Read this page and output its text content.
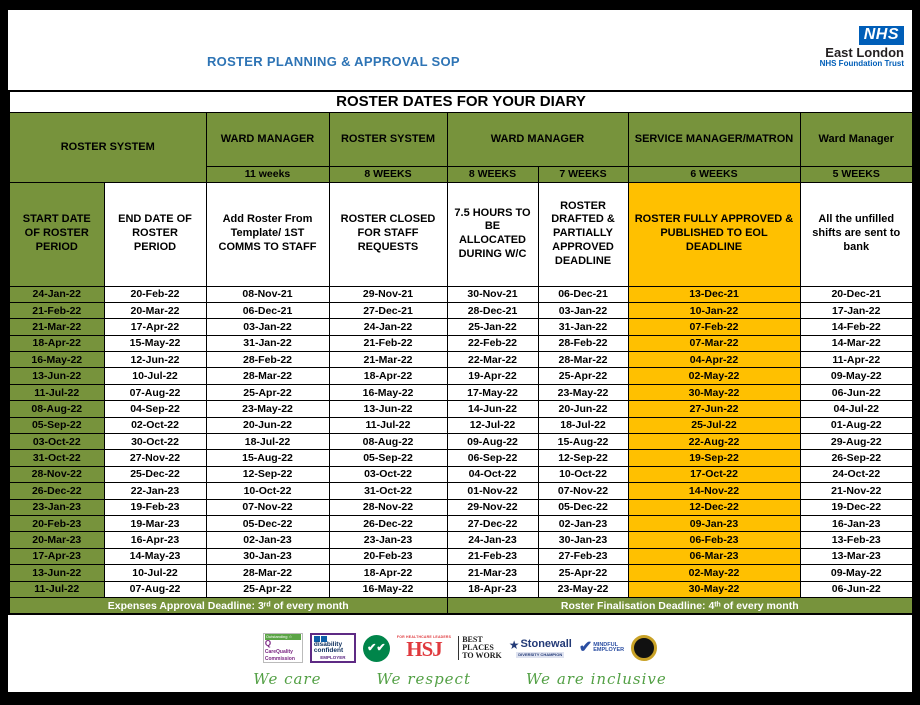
ROSTER PLANNING & APPROVAL SOP
NHS
East London
NHS Foundation Trust
ROSTER DATES FOR YOUR DIARY							
ROSTER SYSTEM		WARD MANAGER	ROSTER SYSTEM	WARD MANAGER		SERVICE MANAGER/MATRON	Ward Manager
		11 weeks	8 WEEKS	8 WEEKS	7 WEEKS	6 WEEKS	5 WEEKS
START DATE OF ROSTER PERIOD	END DATE OF ROSTER PERIOD	Add Roster From Template/ 1ST COMMS TO STAFF	ROSTER CLOSED FOR STAFF REQUESTS	7.5 HOURS TO BE ALLOCATED DURING W/C	ROSTER DRAFTED & PARTIALLY APPROVED DEADLINE	ROSTER FULLY APPROVED & PUBLISHED TO EOL DEADLINE	All the unfilled shifts are sent to bank
24-Jan-22	20-Feb-22	08-Nov-21	29-Nov-21	30-Nov-21	06-Dec-21	13-Dec-21	20-Dec-21
21-Feb-22	20-Mar-22	06-Dec-21	27-Dec-21	28-Dec-21	03-Jan-22	10-Jan-22	17-Jan-22
21-Mar-22	17-Apr-22	03-Jan-22	24-Jan-22	25-Jan-22	31-Jan-22	07-Feb-22	14-Feb-22
18-Apr-22	15-May-22	31-Jan-22	21-Feb-22	22-Feb-22	28-Feb-22	07-Mar-22	14-Mar-22
16-May-22	12-Jun-22	28-Feb-22	21-Mar-22	22-Mar-22	28-Mar-22	04-Apr-22	11-Apr-22
13-Jun-22	10-Jul-22	28-Mar-22	18-Apr-22	19-Apr-22	25-Apr-22	02-May-22	09-May-22
11-Jul-22	07-Aug-22	25-Apr-22	16-May-22	17-May-22	23-May-22	30-May-22	06-Jun-22
08-Aug-22	04-Sep-22	23-May-22	13-Jun-22	14-Jun-22	20-Jun-22	27-Jun-22	04-Jul-22
05-Sep-22	02-Oct-22	20-Jun-22	11-Jul-22	12-Jul-22	18-Jul-22	25-Jul-22	01-Aug-22
03-Oct-22	30-Oct-22	18-Jul-22	08-Aug-22	09-Aug-22	15-Aug-22	22-Aug-22	29-Aug-22
31-Oct-22	27-Nov-22	15-Aug-22	05-Sep-22	06-Sep-22	12-Sep-22	19-Sep-22	26-Sep-22
28-Nov-22	25-Dec-22	12-Sep-22	03-Oct-22	04-Oct-22	10-Oct-22	17-Oct-22	24-Oct-22
26-Dec-22	22-Jan-23	10-Oct-22	31-Oct-22	01-Nov-22	07-Nov-22	14-Nov-22	21-Nov-22
23-Jan-23	19-Feb-23	07-Nov-22	28-Nov-22	29-Nov-22	05-Dec-22	12-Dec-22	19-Dec-22
20-Feb-23	19-Mar-23	05-Dec-22	26-Dec-22	27-Dec-22	02-Jan-23	09-Jan-23	16-Jan-23
20-Mar-23	16-Apr-23	02-Jan-23	23-Jan-23	24-Jan-23	30-Jan-23	06-Feb-23	13-Feb-23
17-Apr-23	14-May-23	30-Jan-23	20-Feb-23	21-Feb-23	27-Feb-23	06-Mar-23	13-Mar-23
13-Jun-22	10-Jul-22	28-Mar-22	18-Apr-22	21-Mar-23	25-Apr-22	02-May-22	09-May-22
11-Jul-22	07-Aug-22	25-Apr-22	16-May-22	18-Apr-23	23-May-22	30-May-22	06-Jun-22
Expenses Approval Deadline: 3ʳᵈ of every month				Roster Finalisation Deadline: 4ᵗʰ of every month			
Outstanding ☆
Q
CareQuality
Commission
disability
confident
EMPLOYER
✔✔
FOR HEALTHCARE LEADERS
HSJ	BEST
PLACES
TO WORK
★ Stonewall
DIVERSITY CHAMPION ✔ MINDFUL
EMPLOYER
We care	We respect	We are inclusive
